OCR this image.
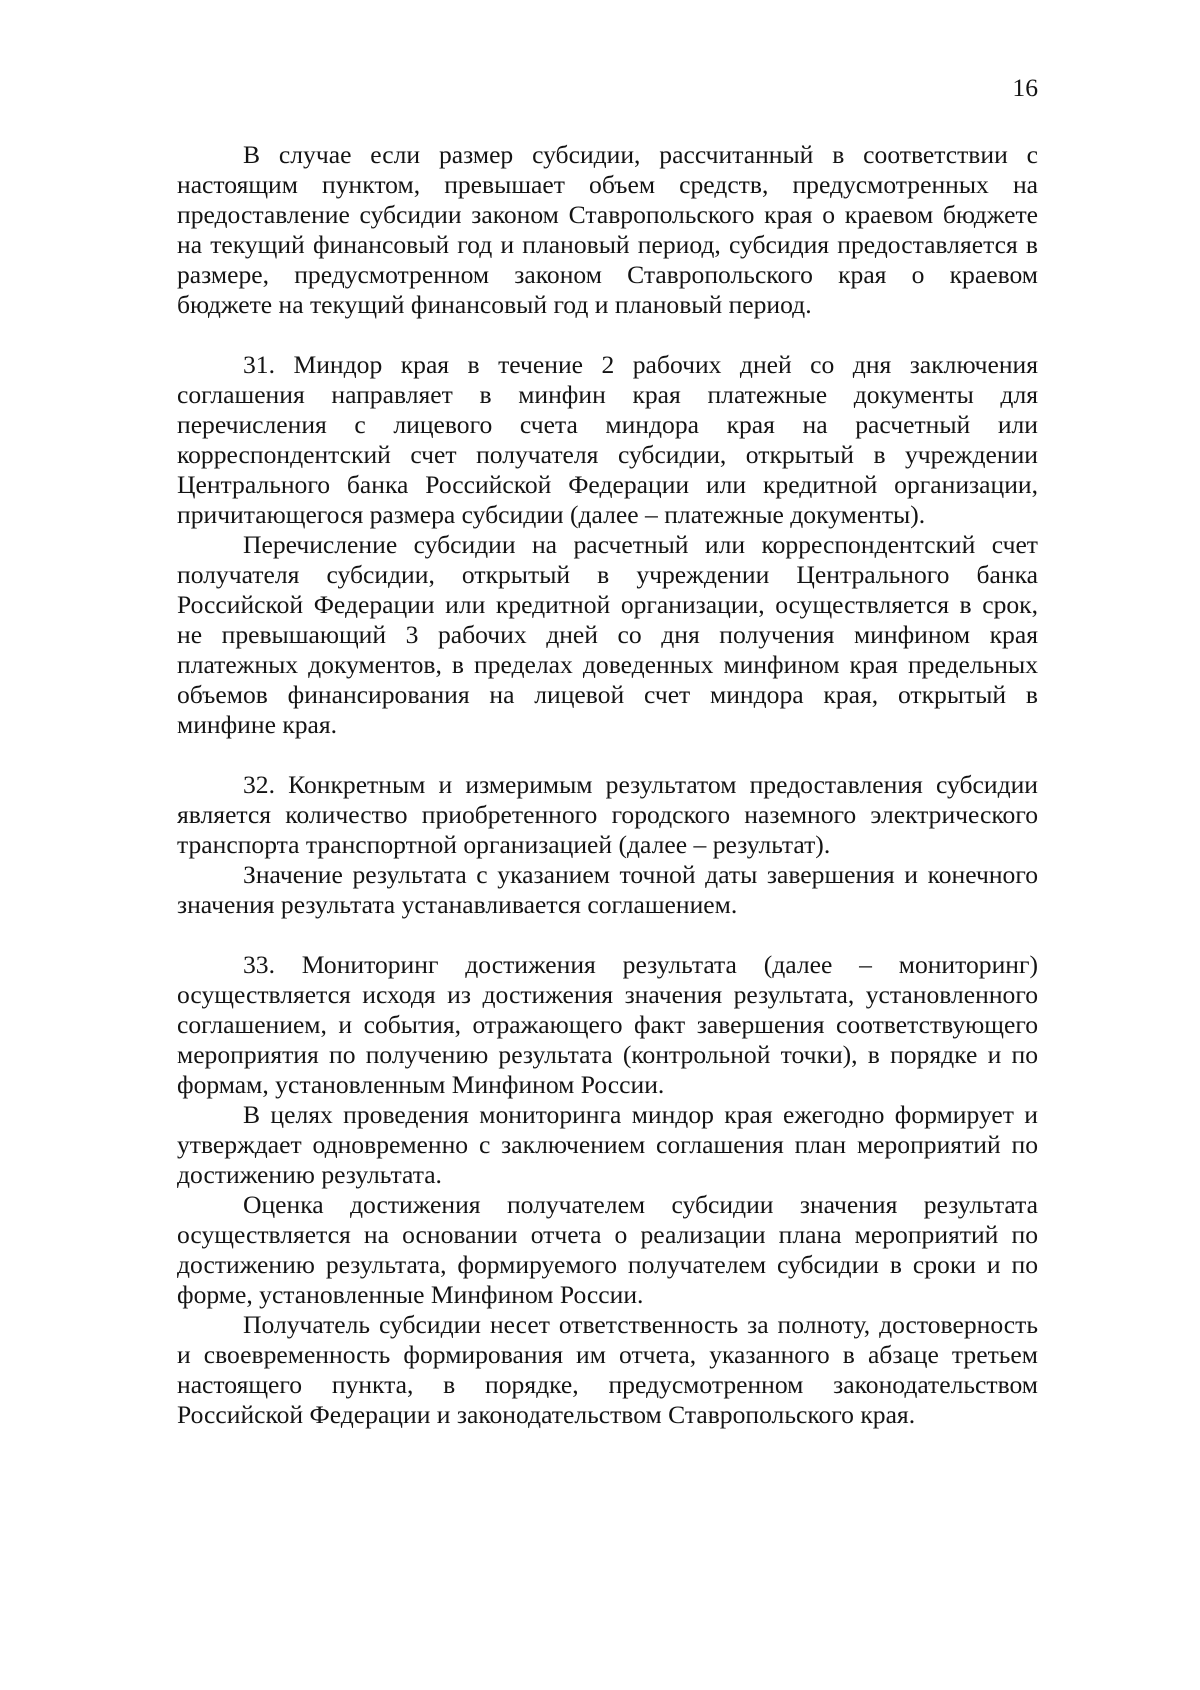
16
В случае если размер субсидии, рассчитанный в соответствии с
настоящим пунктом, превышает объем средств, предусмотренных на
предоставление субсидии законом Ставропольского края о краевом бюджете
на текущий финансовый год и плановый период, субсидия предоставляется в
размере, предусмотренном законом Ставропольского края о краевом
бюджете на текущий финансовый год и плановый период.
31. Миндор края в течение 2 рабочих дней со дня заключения
соглашения направляет в минфин края платежные документы для
перечисления с лицевого счета миндора края на расчетный или
корреспондентский счет получателя субсидии, открытый в учреждении
Центрального банка Российской Федерации или кредитной организации,
причитающегося размера субсидии (далее – платежные документы).
Перечисление субсидии на расчетный или корреспондентский счет
получателя субсидии, открытый в учреждении Центрального банка
Российской Федерации или кредитной организации, осуществляется в срок,
не превышающий 3 рабочих дней со дня получения минфином края
платежных документов, в пределах доведенных минфином края предельных
объемов финансирования на лицевой счет миндора края, открытый в
минфине края.
32. Конкретным и измеримым результатом предоставления субсидии
является количество приобретенного городского наземного электрического
транспорта транспортной организацией (далее – результат).
Значение результата с указанием точной даты завершения и конечного
значения результата устанавливается соглашением.
33. Мониторинг достижения результата (далее – мониторинг)
осуществляется исходя из достижения значения результата, установленного
соглашением, и события, отражающего факт завершения соответствующего
мероприятия по получению результата (контрольной точки), в порядке и по
формам, установленным Минфином России.
В целях проведения мониторинга миндор края ежегодно формирует и
утверждает одновременно с заключением соглашения план мероприятий по
достижению результата.
Оценка достижения получателем субсидии значения результата
осуществляется на основании отчета о реализации плана мероприятий по
достижению результата, формируемого получателем субсидии в сроки и по
форме, установленные Минфином России.
Получатель субсидии несет ответственность за полноту, достоверность
и своевременность формирования им отчета, указанного в абзаце третьем
настоящего пункта, в порядке, предусмотренном законодательством
Российской Федерации и законодательством Ставропольского края.
